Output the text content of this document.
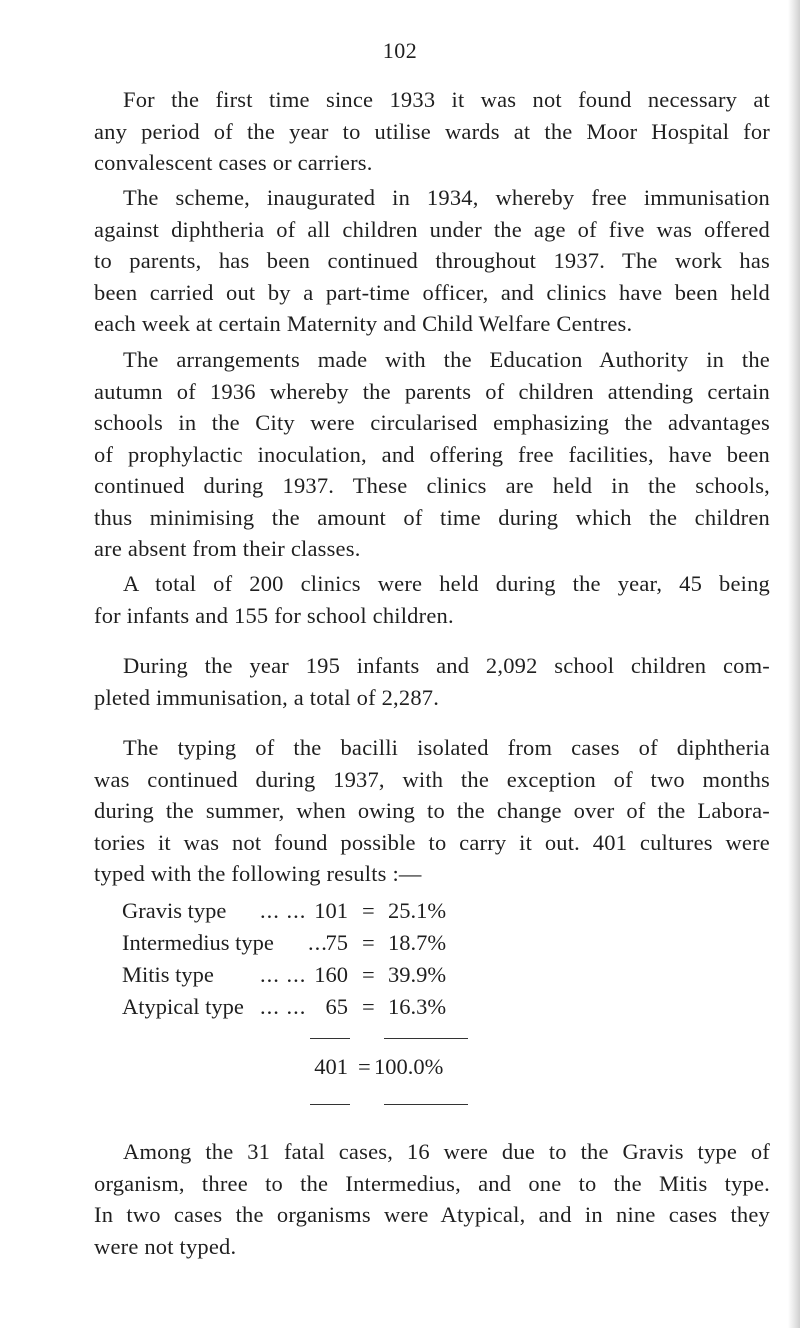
102
For the first time since 1933 it was not found necessary at
any period of the year to utilise wards at the Moor Hospital for
convalescent cases or carriers.
The scheme, inaugurated in 1934, whereby free immunisation
against diphtheria of all children under the age of five was offered
to parents, has been continued throughout 1937. The work has
been carried out by a part-time officer, and clinics have been held
each week at certain Maternity and Child Welfare Centres.
The arrangements made with the Education Authority in the
autumn of 1936 whereby the parents of children attending certain
schools in the City were circularised emphasizing the advantages
of prophylactic inoculation, and offering free facilities, have been
continued during 1937. These clinics are held in the schools,
thus minimising the amount of time during which the children
are absent from their classes.
A total of 200 clinics were held during the year, 45 being
for infants and 155 for school children.
During the year 195 infants and 2,092 school children com-
pleted immunisation, a total of 2,287.
The typing of the bacilli isolated from cases of diphtheria
was continued during 1937, with the exception of two months
during the summer, when owing to the change over of the Labora-
tories it was not found possible to carry it out. 401 cultures were
typed with the following results :—
Gravis type ... ... 101 = 25.1%
Intermedius type ...
75 = 18.7%
Mitis type ... ... 160 = 39.9%
Atypical type ... ... 65 = 16.3%
401 = 100.0%
Among the 31 fatal cases, 16 were due to the Gravis type of
organism, three to the Intermedius, and one to the Mitis type.
In two cases the organisms were Atypical, and in nine cases they
were not typed.
